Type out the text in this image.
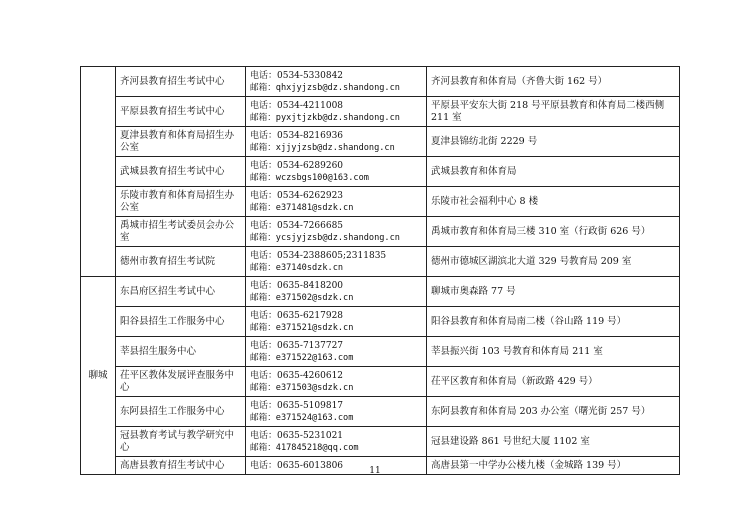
	齐河县教育招生考试中心	电话：0534-5330842
邮箱：qhxjyjzsb@dz.shandong.cn	齐河县教育和体育局（齐鲁大街 162 号）

	平原县教育招生考试中心	电话：0534-4211008
邮箱：pyxjtjzkb@dz.shandong.cn	平原县平安东大街 218 号平原县教育和体育局二楼西侧 211 室

	夏津县教育和体育局招生办公室	电话：0534-8216936
邮箱：xjjyjzsb@dz.shandong.cn	夏津县锦纺北街 2229 号

	武城县教育招生考试中心	电话：0534-6289260
邮箱：wczsbgs100@163.com	武城县教育和体育局

	乐陵市教育和体育局招生办公室	电话：0534-6262923
邮箱：e371481@sdzk.cn	乐陵市社会福利中心 8 楼

	禹城市招生考试委员会办公室	电话：0534-7266685
邮箱：ycsjyjzsb@dz.shandong.cn	禹城市教育和体育局三楼 310 室（行政街 626 号）

	德州市教育招生考试院	电话：0534-2388605;2311835
邮箱：e37140sdzk.cn	德州市德城区湖滨北大道 329 号教育局 209 室

聊城	东昌府区招生考试中心	电话：0635-8418200
邮箱：e371502@sdzk.cn	聊城市奥森路 77 号

	阳谷县招生工作服务中心	电话：0635-6217928
邮箱：e371521@sdzk.cn	阳谷县教育和体育局南二楼（谷山路 119 号）

	莘县招生服务中心	电话：0635-7137727
邮箱：e371522@163.com	莘县振兴街 103 号教育和体育局 211 室

	茌平区教体发展评查服务中心	电话：0635-4260612
邮箱：e371503@sdzk.cn	茌平区教育和体育局（新政路 429 号）

	东阿县招生工作服务中心	电话：0635-5109817
邮箱：e371524@163.com	东阿县教育和体育局 203 办公室（曙光街 257 号）

	冠县教育考试与教学研究中心	电话：0635-5231021
邮箱：417845218@qq.com	冠县建设路 861 号世纪大厦 1102 室

	高唐县教育招生考试中心	电话：0635-6013806	高唐县第一中学办公楼九楼（金城路 139 号）
11
